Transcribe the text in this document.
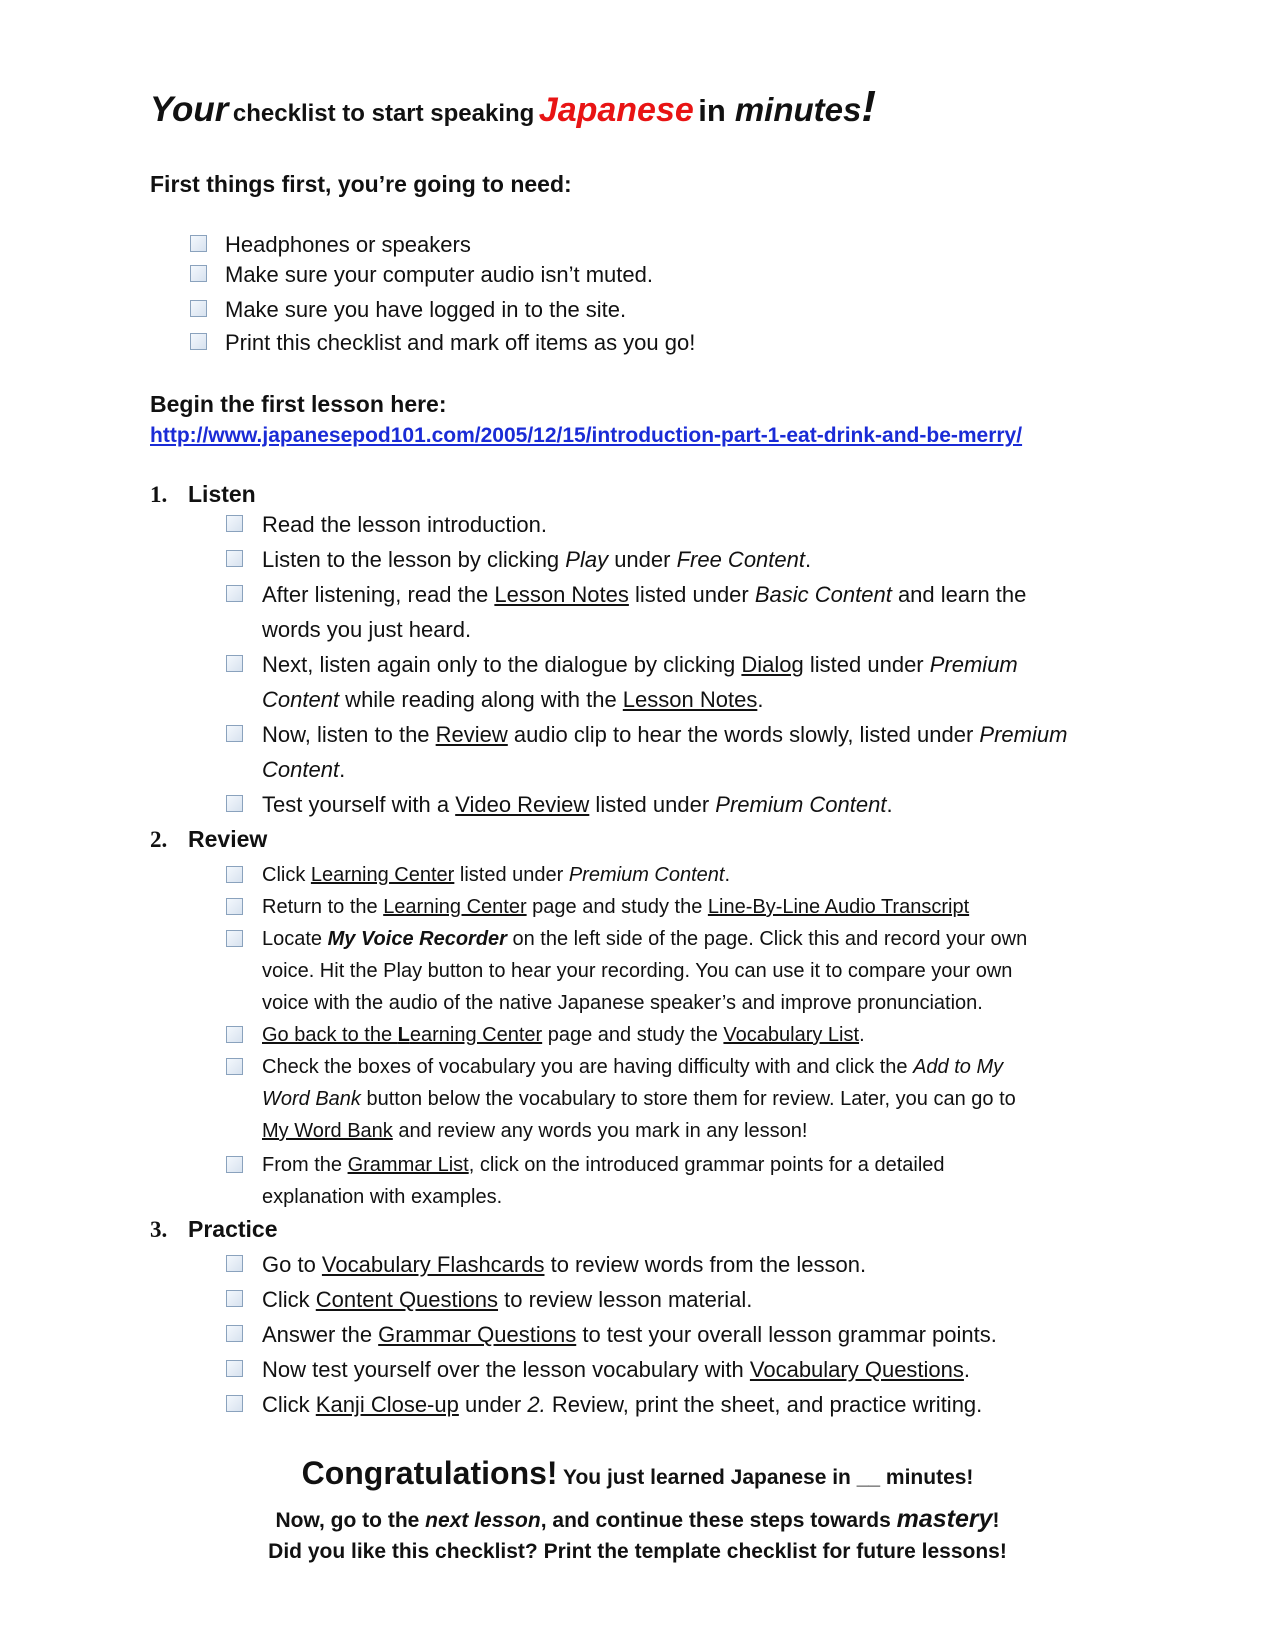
Your checklist to start speaking Japanese in minutes!
First things first, you’re going to need:
Headphones or speakers
Make sure your computer audio isn’t muted.
Make sure you have logged in to the site.
Print this checklist and mark off items as you go!
Begin the first lesson here:
http://www.japanesepod101.com/2005/12/15/introduction-part-1-eat-drink-and-be-merry/
1. Listen
Read the lesson introduction.
Listen to the lesson by clicking Play under Free Content.
After listening, read the Lesson Notes listed under Basic Content and learn the
words you just heard.
Next, listen again only to the dialogue by clicking Dialog listed under Premium
Content while reading along with the Lesson Notes.
Now, listen to the Review audio clip to hear the words slowly, listed under Premium
Content.
Test yourself with a Video Review listed under Premium Content.
2. Review
Click Learning Center listed under Premium Content.
Return to the Learning Center page and study the Line-By-Line Audio Transcript
Locate My Voice Recorder on the left side of the page. Click this and record your own
voice. Hit the Play button to hear your recording. You can use it to compare your own
voice with the audio of the native Japanese speaker’s and improve pronunciation.
Go back to the Learning Center page and study the Vocabulary List.
Check the boxes of vocabulary you are having difficulty with and click the Add to My
Word Bank button below the vocabulary to store them for review. Later, you can go to
My Word Bank and review any words you mark in any lesson!
From the Grammar List, click on the introduced grammar points for a detailed
explanation with examples.
3. Practice
Go to Vocabulary Flashcards to review words from the lesson.
Click Content Questions to review lesson material.
Answer the Grammar Questions to test your overall lesson grammar points.
Now test yourself over the lesson vocabulary with Vocabulary Questions.
Click Kanji Close-up under 2. Review, print the sheet, and practice writing.
Congratulations! You just learned Japanese in __ minutes!
Now, go to the next lesson, and continue these steps towards mastery!
Did you like this checklist? Print the template checklist for future lessons!
